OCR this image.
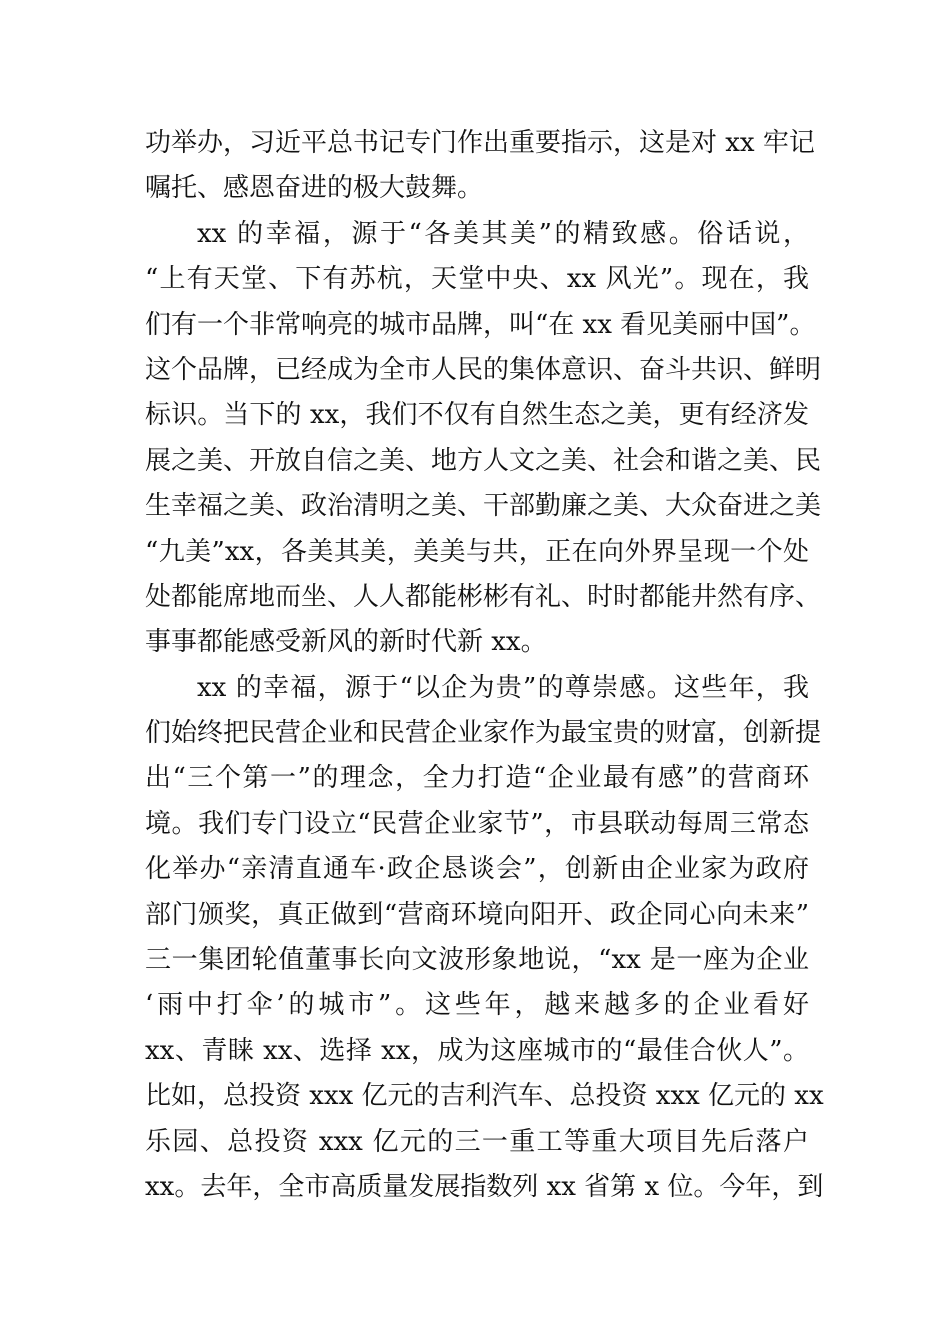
功举办，习近平总书记专门作出重要指示，这是对 xx 牢记
嘱托、感恩奋进的极大鼓舞。
xx 的幸福，源于“各美其美”的精致感。俗话说，
“上有天堂、下有苏杭，天堂中央、xx 风光”。现在，我
们有一个非常响亮的城市品牌，叫“在 xx 看见美丽中国”。
这个品牌，已经成为全市人民的集体意识、奋斗共识、鲜明
标识。当下的 xx，我们不仅有自然生态之美，更有经济发
展之美、开放自信之美、地方人文之美、社会和谐之美、民
生幸福之美、政治清明之美、干部勤廉之美、大众奋进之美
“九美”xx，各美其美，美美与共，正在向外界呈现一个处
处都能席地而坐、人人都能彬彬有礼、时时都能井然有序、
事事都能感受新风的新时代新 xx。
xx 的幸福，源于“以企为贵”的尊崇感。这些年，我
们始终把民营企业和民营企业家作为最宝贵的财富，创新提
出“三个第一”的理念，全力打造“企业最有感”的营商环
境。我们专门设立“民营企业家节”，市县联动每周三常态
化举办“亲清直通车·政企恳谈会”，创新由企业家为政府
部门颁奖，真正做到“营商环境向阳开、政企同心向未来”
三一集团轮值董事长向文波形象地说，“xx 是一座为企业
‘雨中打伞’的城市”。这些年，越来越多的企业看好
xx、青睐 xx、选择 xx，成为这座城市的“最佳合伙人”。
比如，总投资 xxx 亿元的吉利汽车、总投资 xxx 亿元的 xx
乐园、总投资 xxx 亿元的三一重工等重大项目先后落户
xx。去年，全市高质量发展指数列 xx 省第 x 位。今年，到
